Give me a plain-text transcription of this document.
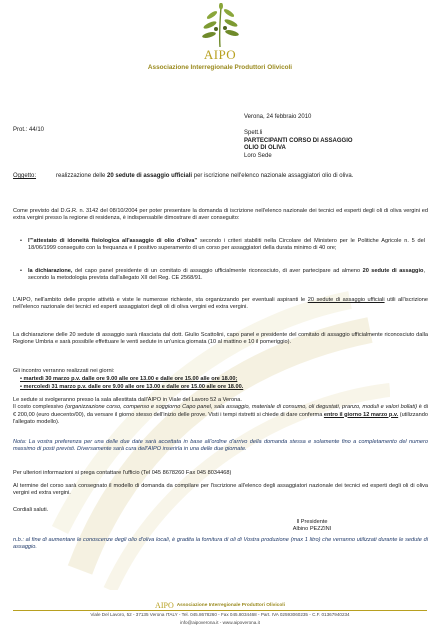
AIPO
Associazione Interregionale Produttori Olivicoli
Verona, 24 febbraio 2010
Prot.: 44/10	Spett.li
PARTECIPANTI CORSO DI ASSAGGIO
OLIO DI OLIVA
Loro Sede
Oggetto:	realizzazione delle 20 sedute di assaggio ufficiali per iscrizione nell'elenco nazionale assaggiatori olio di oliva.
Come previsto dal D.G.R. n. 3142 del 08/10/2004 per poter presentare la domanda di iscrizione nell'elenco nazionale dei tecnici ed esperti degli oli di oliva vergini ed extra vergini presso la regione di residenza, è indispensabile dimostrare di aver conseguito:
• l'"attestato di idoneità fisiologica all'assaggio di olio d'oliva" secondo i criteri stabiliti nella Circolare del Ministero per le Politiche Agricole n. 5 del 18/06/1999 conseguito con la frequanza e il positivo superamento di un corso per assaggiatori della durata minimo di 40 ore;
• la dichiarazione, del capo panel presidente di un comitato di assaggio ufficialmente riconosciuto, di aver partecipare ad almeno 20 sedute di assaggio, secondo la metodologia prevista dall'allegato XII del Reg. CE 2568/91.
L'AIPO, nell'ambito delle proprie attività e viste le numerose richieste, sta organizzando per eventuali aspiranti le 20 sedute di assaggio ufficiali utili all'iscrizione nell'elenco nazionale dei tecnici ed esperti assaggiatori degli oli di oliva vergini ed extra vergini.
La dichiarazione delle 20 sedute di assaggio sarà rilasciata dal dott. Giulio Scattolini, capo panel e presidente del comitato di assaggio ufficialmente riconosciuto dalla Regione Umbria e sarà possibile effettuare le venti sedute in un'unica giornata (10 al mattino e 10 il pomeriggio).
Gli incontro verranno realizzati nei giorni:
• martedì 30 marzo p.v. dalle ore 9.00 alle ore 13.00 e dalle ore 15.00 alle ore 18.00;
• mercoledì 31 marzo p.v. dalle ore 9.00 alle ore 13.00 e dalle ore 15.00 alle ore 18.00.
Le sedute si svolgeranno presso la sala allestitata dall'AIPO in Viale del Lavoro 52 a Verona.
Il costo complessivo (organizzazione corso, compenso e soggiorno Capo panel, sala assaggio, materiale di consumo, oli degustati, pranzo, moduli e valori bollati) è di € 200,00 (euro duecento/00), da versare il giorno stesso dell'inizio delle prove. Visti i tempi ristretti si chiede di dare conferma entro il giorno 12 marzo p.v. (utilizzando l'allegato modello).
Nota: La vostra preferenza per una delle due date sarà accettata in base all'ordine d'arrivo della domanda stessa e solamente fino a completamento del numero massimo di posti previsti. Diversamente sarà cura dell'AIPO inserirla in una delle due giornate.
Per ulteriori informazioni si prega contattare l'ufficio (Tel 045 8678260 Fax 045 8034468)
Al termine del corso sarà consegnato il modello di domanda da compilare per l'iscrizione all'elenco degli assaggiatori nazionale dei tecnici ed esperti degli oli di oliva vergini ed extra vergini.
Cordiali saluti.
Il Presidente
Albino PEZZINI
n.b.: al fine di aumentare le conoscenze degli olio d'oliva locali, è gradita la fornitura di oli di Vostra produzione (max 1 litro) che verranno utilizzati durante le sedute di assaggio.
AIPO Associazione Interregionale Produttori Olivicoli
Viale Del Lavoro, 52 - 37135 Verona ITALY - Tel. 045.8678260 - Fax 045.8034468 - Part. IVA 02593060235 - C.F. 01367940234
info@aipoverona.it - www.aipoverona.it
